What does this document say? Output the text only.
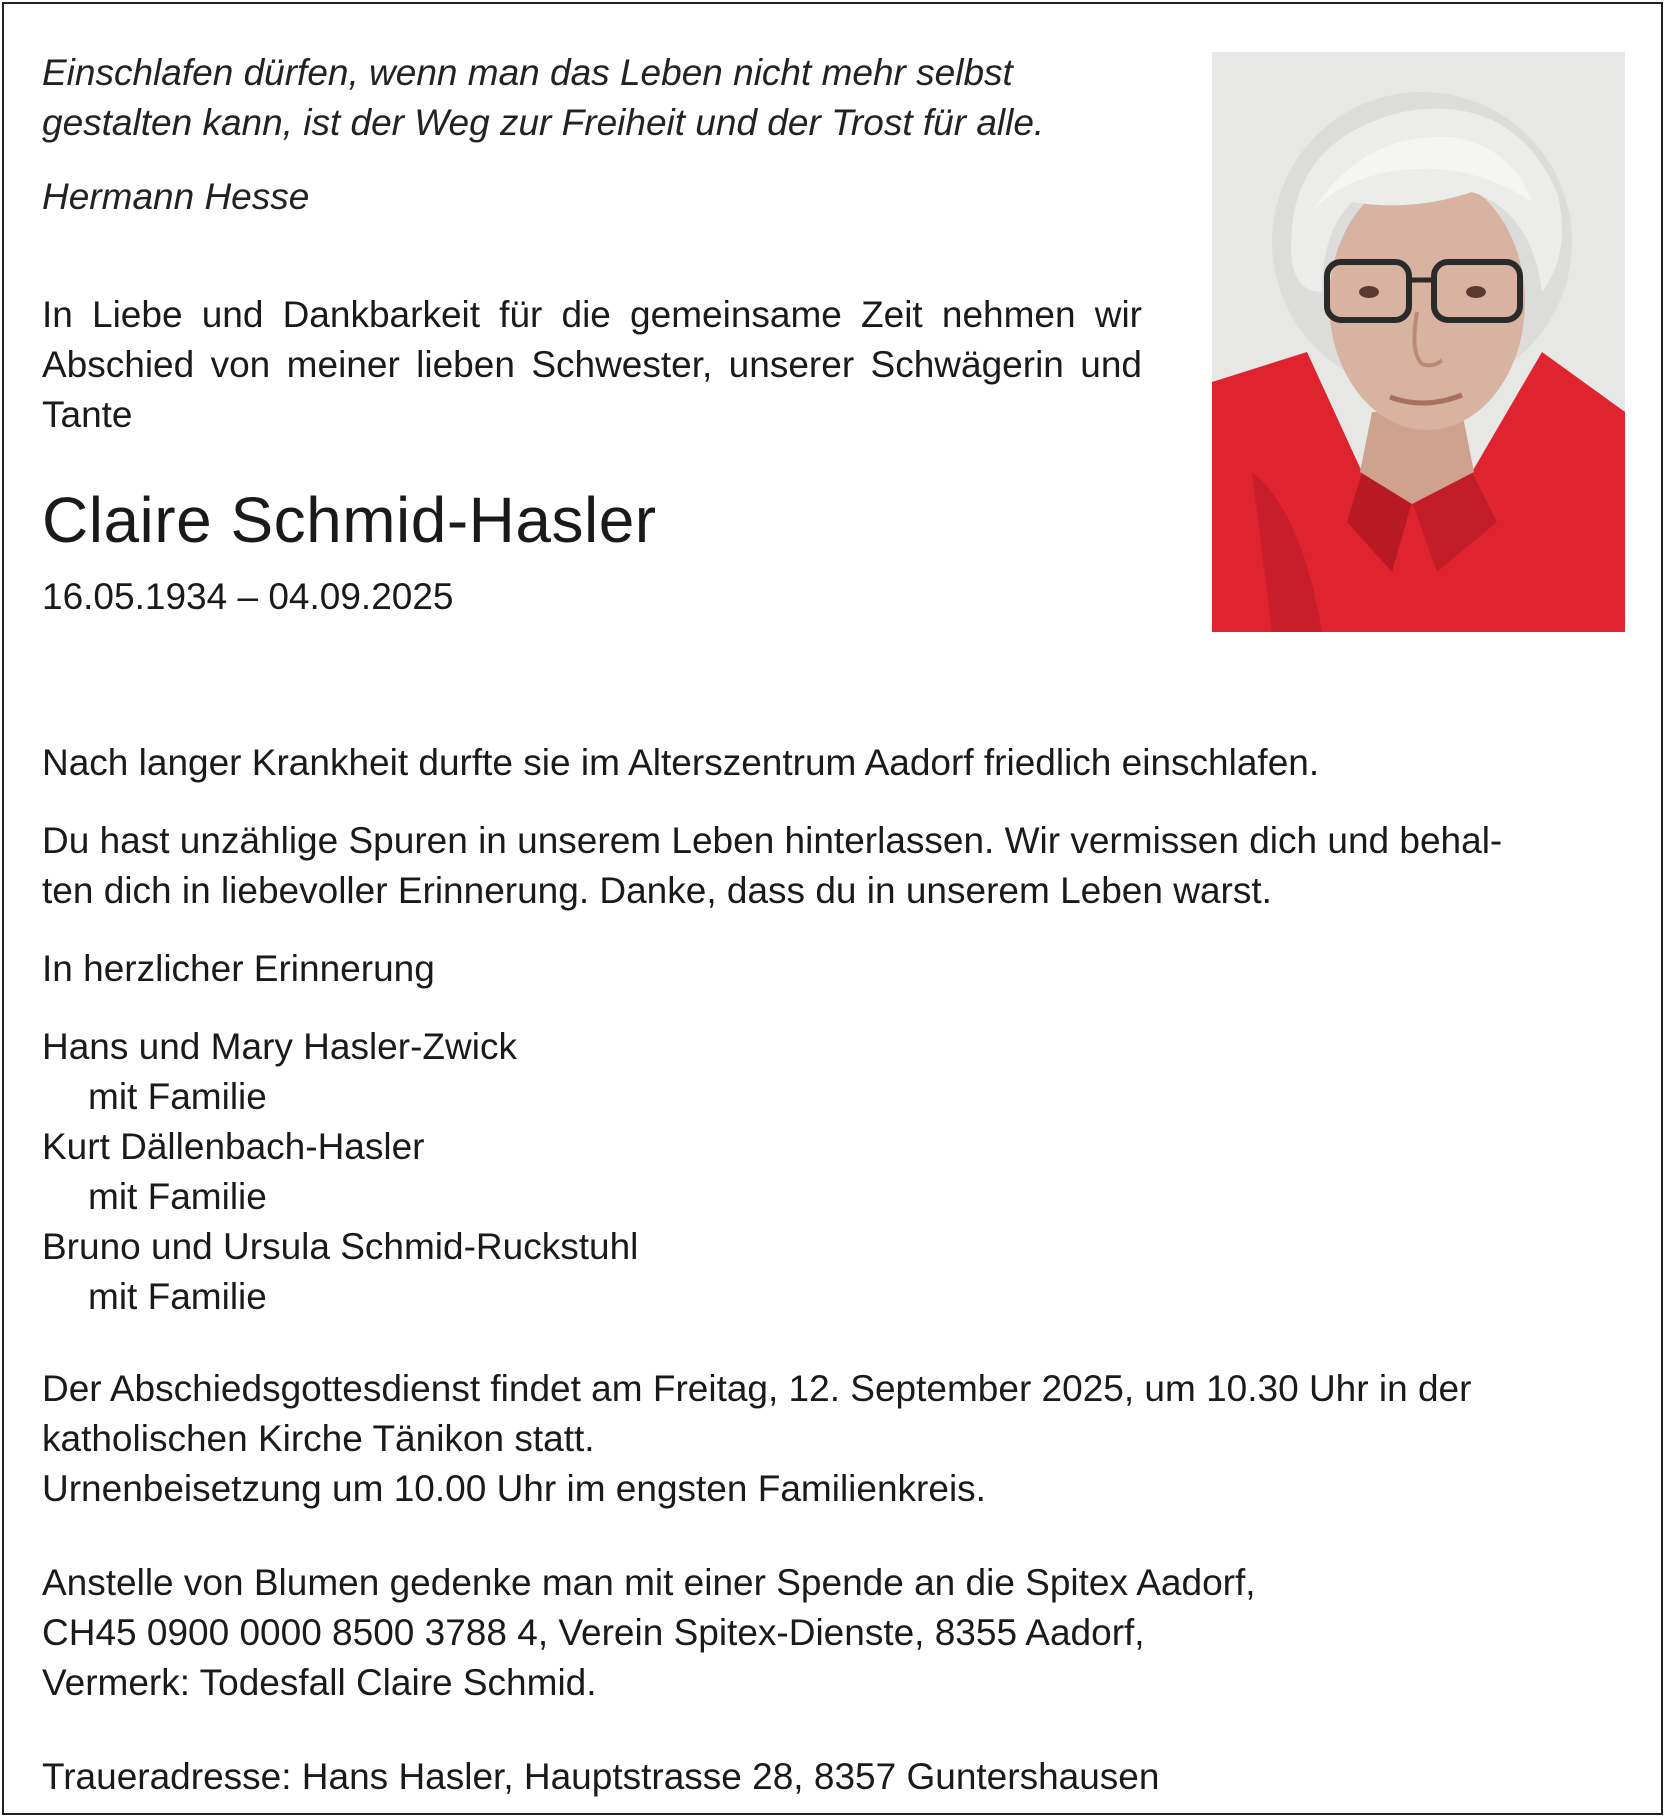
Einschlafen dürfen, wenn man das Leben nicht mehr selbst
gestalten kann, ist der Weg zur Freiheit und der Trost für alle.

Hermann Hesse

In Liebe und Dankbarkeit für die gemeinsame Zeit nehmen wir Abschied von meiner lieben Schwester, unserer Schwägerin und Tante

Claire Schmid-Hasler

16.05.1934 – 04.09.2025

Nach langer Krankheit durfte sie im Alterszentrum Aadorf friedlich einschlafen.

Du hast unzählige Spuren in unserem Leben hinterlassen. Wir vermissen dich und behal-
ten dich in liebevoller Erinnerung. Danke, dass du in unserem Leben warst.

In herzlicher Erinnerung

Hans und Mary Hasler-Zwick

mit Familie

Kurt Dällenbach-Hasler

mit Familie

Bruno und Ursula Schmid-Ruckstuhl

mit Familie

Der Abschiedsgottesdienst findet am Freitag, 12. September 2025, um 10.30 Uhr in der
katholischen Kirche Tänikon statt.
Urnenbeisetzung um 10.00 Uhr im engsten Familienkreis.

Anstelle von Blumen gedenke man mit einer Spende an die Spitex Aadorf,
CH45 0900 0000 8500 3788 4, Verein Spitex-Dienste, 8355 Aadorf,
Vermerk: Todesfall Claire Schmid.

Traueradresse: Hans Hasler, Hauptstrasse 28, 8357 Guntershausen
